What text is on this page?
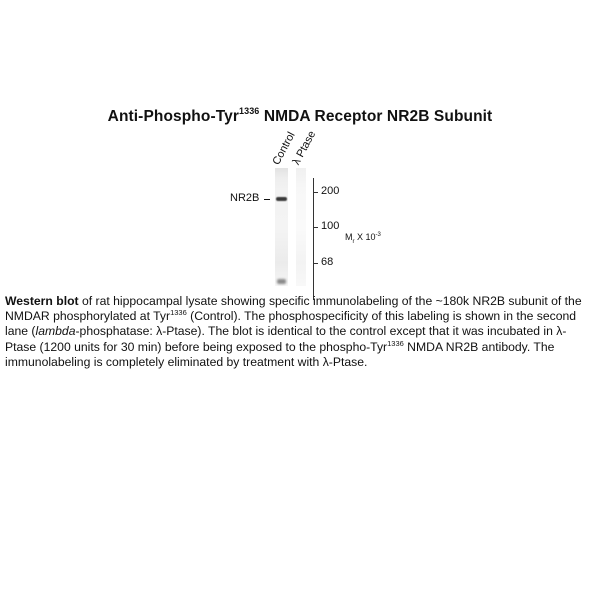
Anti-Phospho-Tyr$^{1336}$ NMDA Receptor NR2B Subunit
Control
λ Ptase
NR2B
200
100
68
$M_r$ X $10^{-3}$
Western blot of rat hippocampal lysate showing specific immunolabeling of the ~180k NR2B subunit of the NMDAR phosphorylated at Tyr$^{1336}$ (Control). The phosphospecificity of this labeling is shown in the second lane (lambda-phosphatase: λ-Ptase). The blot is identical to the control except that it was incubated in λ-Ptase (1200 units for 30 min) before being exposed to the phospho-Tyr$^{1336}$ NMDA NR2B antibody. The immunolabeling is completely eliminated by treatment with λ-Ptase.
